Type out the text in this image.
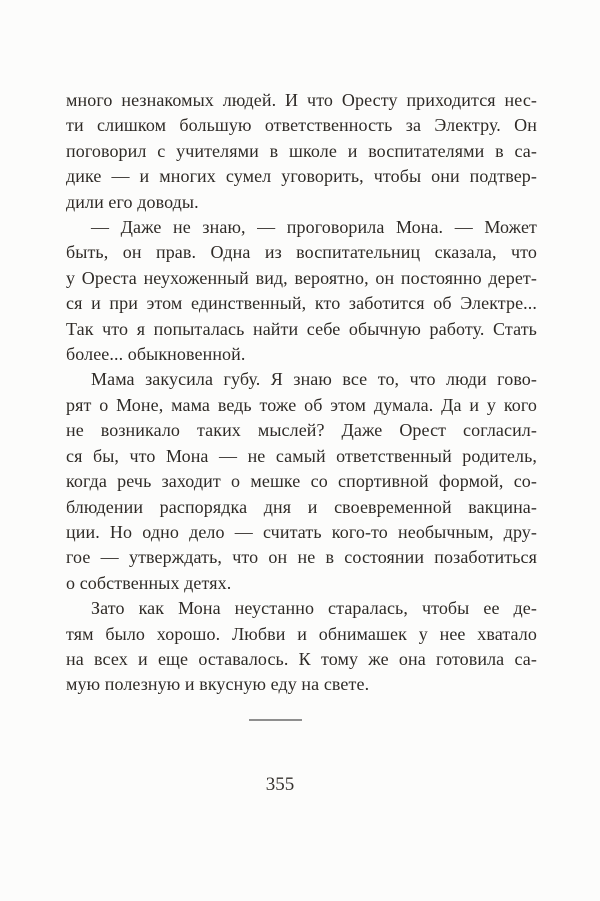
много незнакомых людей. И что Оресту приходится нес-
ти слишком большую ответственность за Электру. Он
поговорил с учителями в школе и воспитателями в са-
дике — и многих сумел уговорить, чтобы они подтвер-
дили его доводы.
— Даже не знаю, — проговорила Мона. — Может
быть, он прав. Одна из воспитательниц сказала, что
у Ореста неухоженный вид, вероятно, он постоянно дерет-
ся и при этом единственный, кто заботится об Электре...
Так что я попыталась найти себе обычную работу. Стать
более... обыкновенной.
Мама закусила губу. Я знаю все то, что люди гово-
рят о Моне, мама ведь тоже об этом думала. Да и у кого
не возникало таких мыслей? Даже Орест согласил-
ся бы, что Мона — не самый ответственный родитель,
когда речь заходит о мешке со спортивной формой, со-
блюдении распорядка дня и своевременной вакцина-
ции. Но одно дело — считать кого-то необычным, дру-
гое — утверждать, что он не в состоянии позаботиться
о собственных детях.
Зато как Мона неустанно старалась, чтобы ее де-
тям было хорошо. Любви и обнимашек у нее хватало
на всех и еще оставалось. К тому же она готовила са-
мую полезную и вкусную еду на свете.
355
